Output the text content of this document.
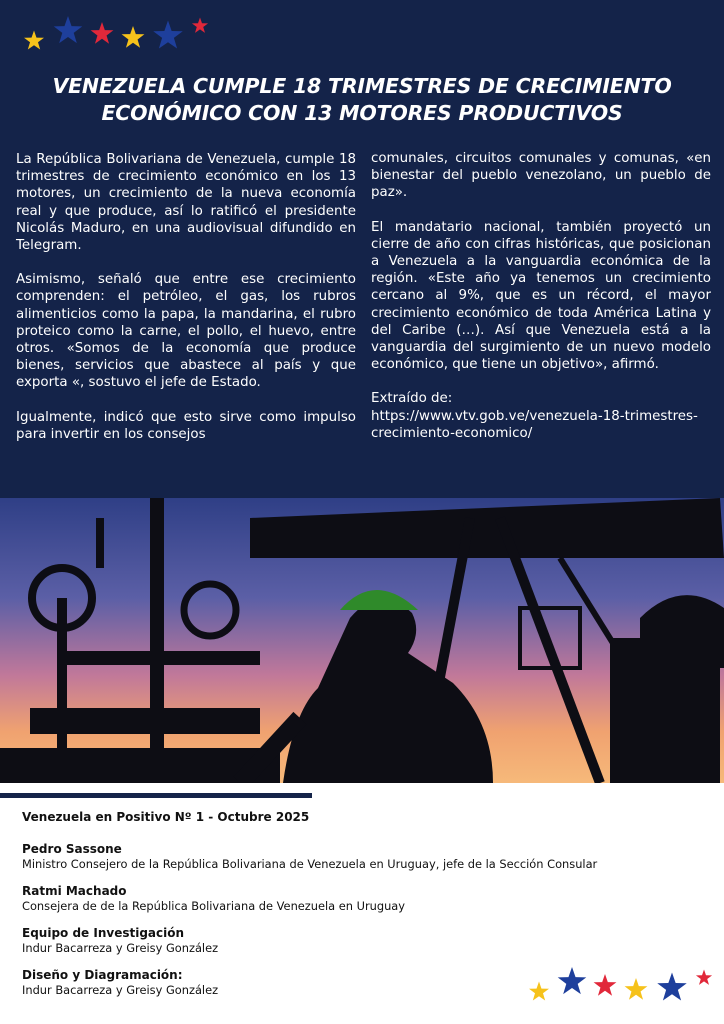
VENEZUELA CUMPLE 18 TRIMESTRES DE CRECIMIENTO ECONÓMICO CON 13 MOTORES PRODUCTIVOS

La República Bolivariana de Venezuela, cumple 18 trimestres de crecimiento económico en los 13 motores, un crecimiento de la nueva economía real y que produce, así lo ratificó el presidente Nicolás Maduro, en una audiovisual difundido en Telegram.

Asimismo, señaló que entre ese crecimiento comprenden: el petróleo, el gas, los rubros alimenticios como la papa, la mandarina, el rubro proteico como la carne, el pollo, el huevo, entre otros. «Somos de la economía que produce bienes, servicios que abastece al país y que exporta «, sostuvo el jefe de Estado.

Igualmente, indicó que esto sirve como impulso para invertir en los consejos

comunales, circuitos comunales y comunas, «en bienestar del pueblo venezolano, un pueblo de paz».

El mandatario nacional, también proyectó un cierre de año con cifras históricas, que posicionan a Venezuela a la vanguardia económica de la región. «Este año ya tenemos un crecimiento cercano al 9%, que es un récord, el mayor crecimiento económico de toda América Latina y del Caribe (…). Así que Venezuela está a la vanguardia del surgimiento de un nuevo modelo económico, que tiene un objetivo», afirmó.

Extraído de:

https://www.vtv.gob.ve/venezuela-18-trimestres-crecimiento-economico/

Venezuela en Positivo Nº 1 - Octubre 2025

Pedro Sassone
Ministro Consejero de la República Bolivariana de Venezuela en Uruguay, jefe de la Sección Consular
Ratmi Machado
Consejera de de la República Bolivariana de Venezuela en Uruguay
Equipo de Investigación
Indur Bacarreza y Greisy González
Diseño y Diagramación:
Indur Bacarreza y Greisy González
